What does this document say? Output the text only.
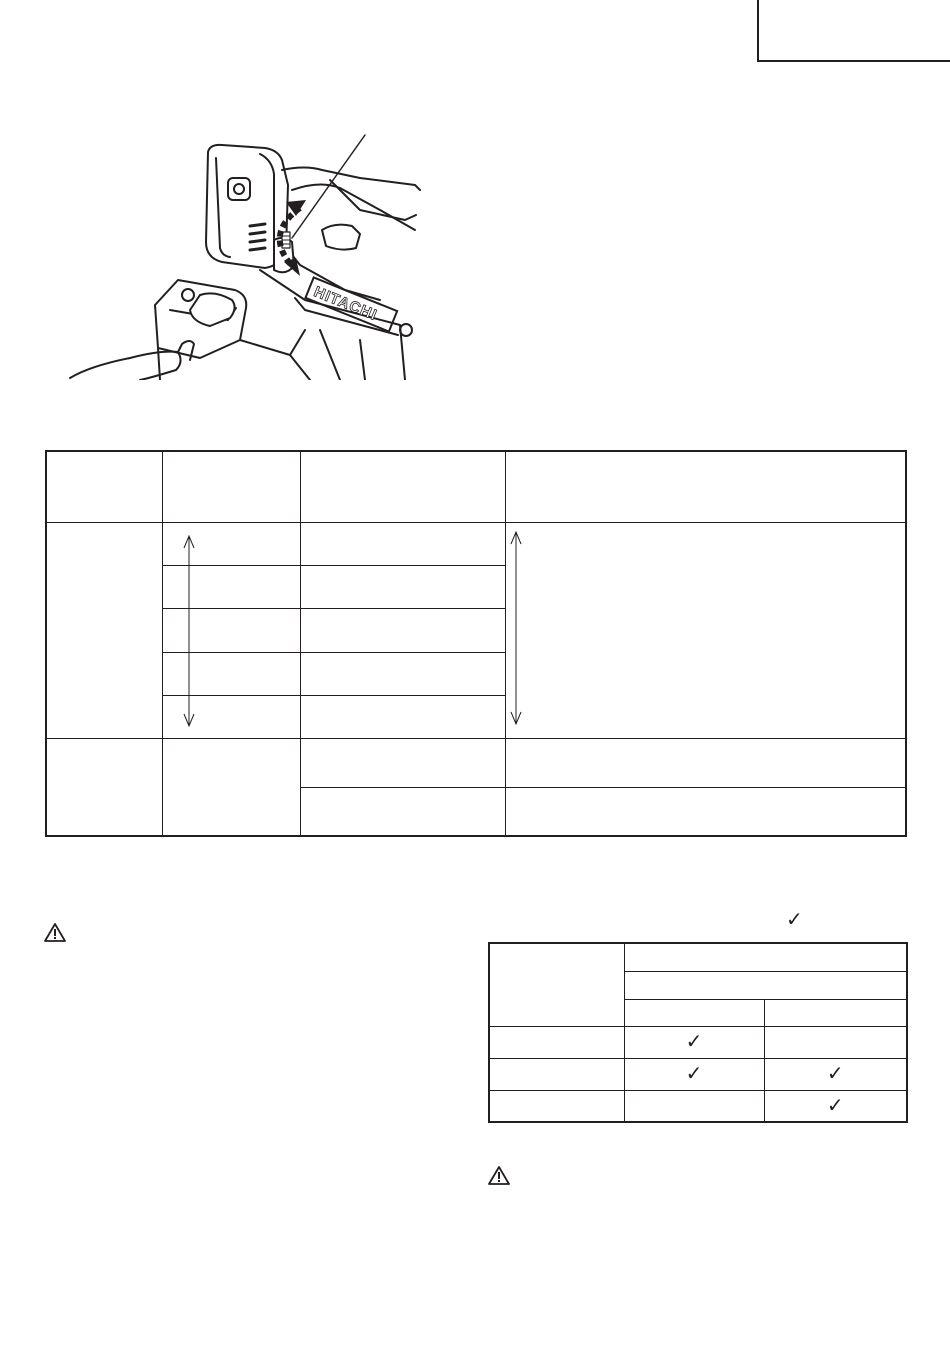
HITACHI

✓

	✓	
	✓	✓
		✓
